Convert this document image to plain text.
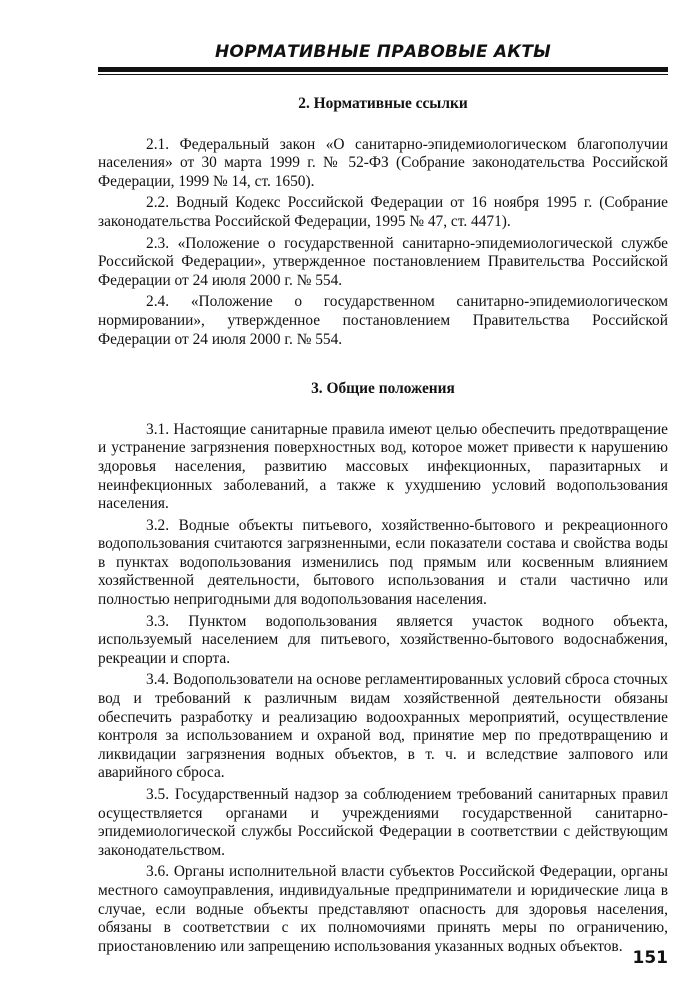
НОРМАТИВНЫЕ ПРАВОВЫЕ АКТЫ
2. Нормативные ссылки

2.1. Федеральный закон «О санитарно-эпидемиологическом благополучии населения» от 30 марта 1999 г. № 52-ФЗ (Собрание законодательства Российской Федерации, 1999 № 14, ст. 1650).

2.2. Водный Кодекс Российской Федерации от 16 ноября 1995 г. (Собрание законодательства Российской Федерации, 1995 № 47, ст. 4471).

2.3. «Положение о государственной санитарно-эпидемиологической службе Российской Федерации», утвержденное постановлением Правительства Российской Федерации от 24 июля 2000 г. № 554.

2.4. «Положение о государственном санитарно-эпидемиологическом нормировании», утвержденное постановлением Правительства Российской Федерации от 24 июля 2000 г. № 554.

3. Общие положения

3.1. Настоящие санитарные правила имеют целью обеспечить предотвращение и устранение загрязнения поверхностных вод, которое может привести к нарушению здоровья населения, развитию массовых инфекционных, паразитарных и неинфекционных заболеваний, а также к ухудшению условий водопользования населения.

3.2. Водные объекты питьевого, хозяйственно-бытового и рекреационного водопользования считаются загрязненными, если показатели состава и свойства воды в пунктах водопользования изменились под прямым или косвенным влиянием хозяйственной деятельности, бытового использования и стали частично или полностью непригодными для водопользования населения.

3.3. Пунктом водопользования является участок водного объекта, используемый населением для питьевого, хозяйственно-бытового водоснабжения, рекреации и спорта.

3.4. Водопользователи на основе регламентированных условий сброса сточных вод и требований к различным видам хозяйственной деятельности обязаны обеспечить разработку и реализацию водоохранных мероприятий, осуществление контроля за использованием и охраной вод, принятие мер по предотвращению и ликвидации загрязнения водных объектов, в т. ч. и вследствие залпового или аварийного сброса.

3.5. Государственный надзор за соблюдением требований санитарных правил осуществляется органами и учреждениями государственной санитарно-эпидемиологической службы Российской Федерации в соответствии с действующим законодательством.

3.6. Органы исполнительной власти субъектов Российской Федерации, органы местного самоуправления, индивидуальные предприниматели и юридические лица в случае, если водные объекты представляют опасность для здоровья населения, обязаны в соответствии с их полномочиями принять меры по ограничению, приостановлению или запрещению использования указанных водных объектов.

151
